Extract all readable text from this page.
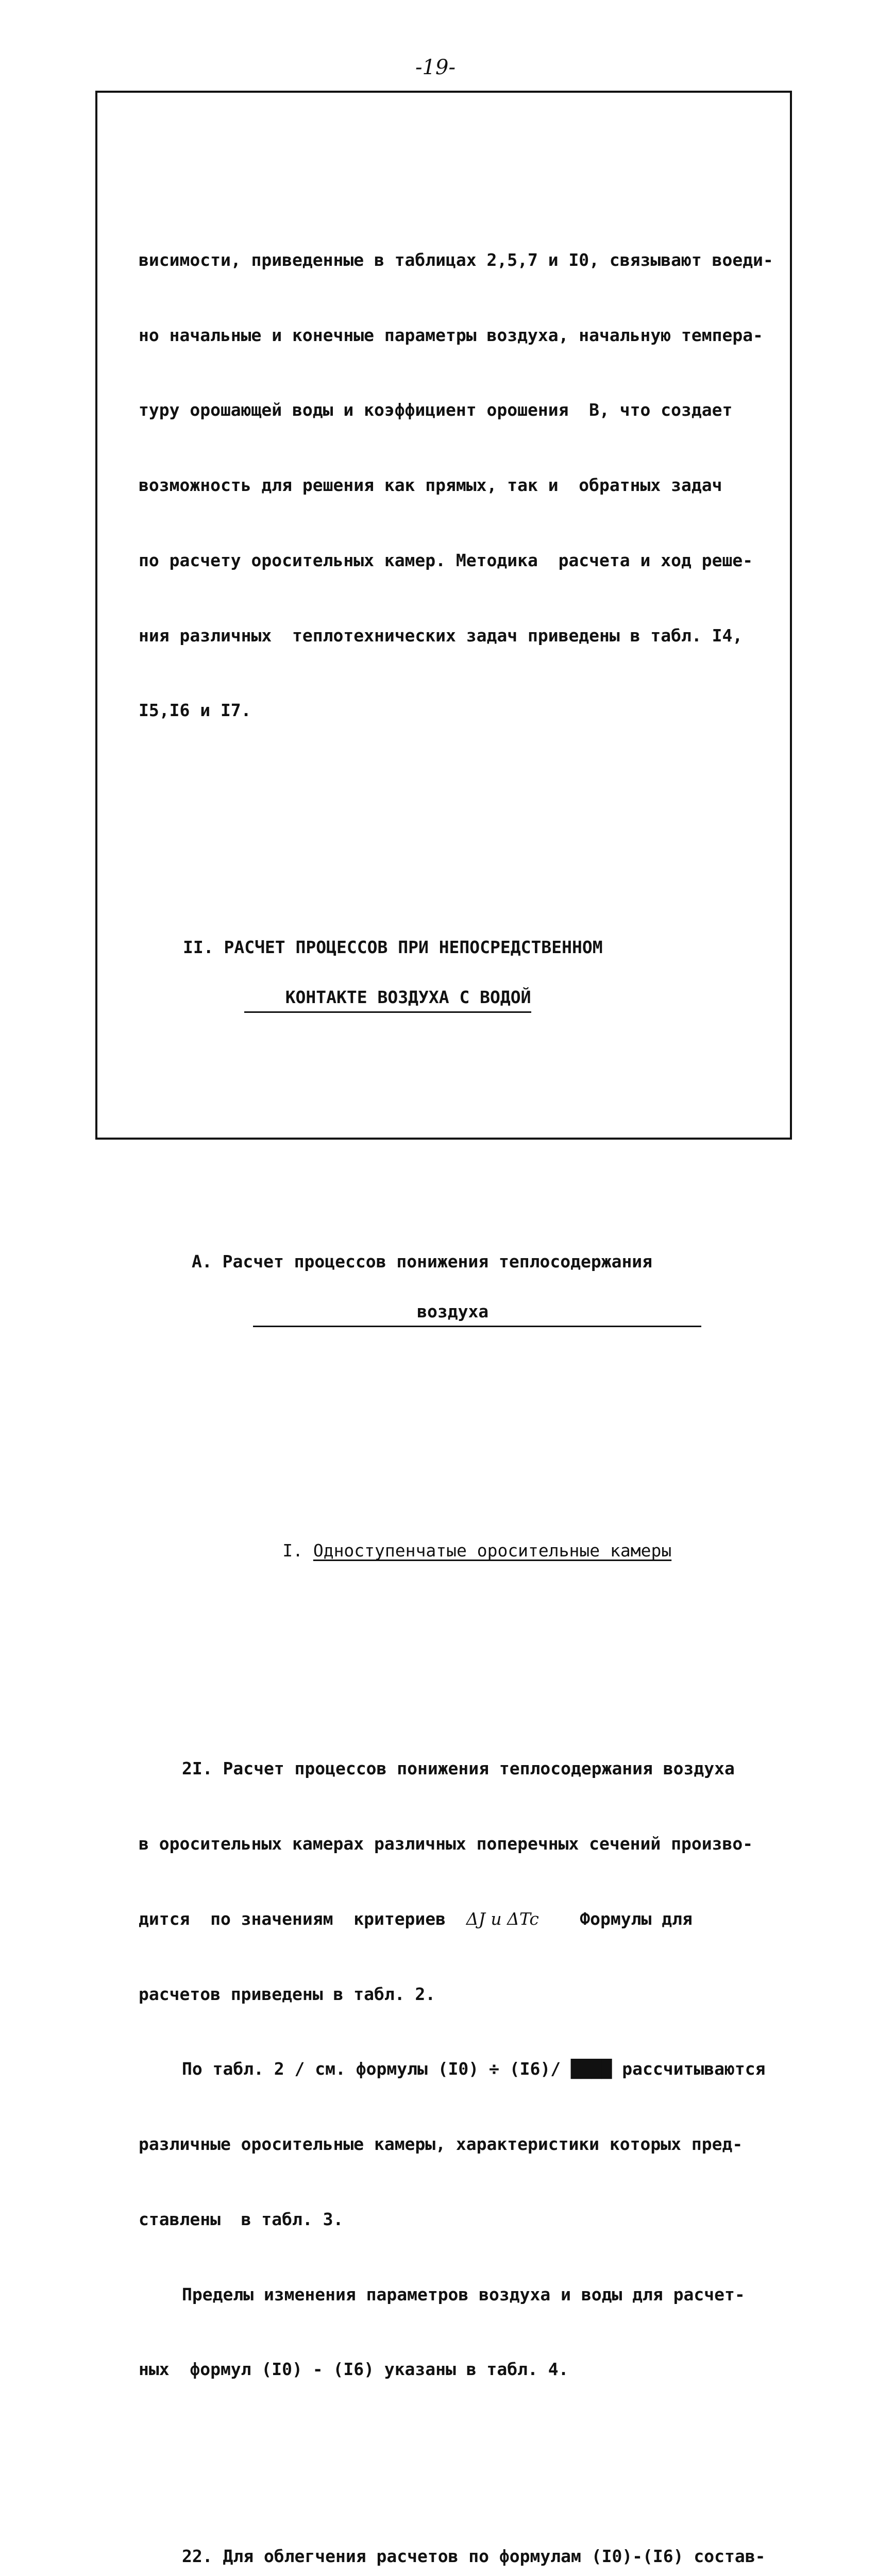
-19-

висимости, приведенные в таблицах 2,5,7 и I0, связывают воеди-

но начальные и конечные параметры воздуха, начальную темпера-

туру орошающей воды и коэффициент орошения  В, что создает

возможность для решения как прямых, так и  обратных задач

по расчету оросительных камер. Методика  расчета и ход реше-

ния различных  теплотехнических задач приведены в табл. I4,

I5,I6 и I7.

II. РАСЧЕТ ПРОЦЕССОВ ПРИ НЕПОСРЕДСТВЕННОМ

КОНТАКТЕ ВОЗДУХА С ВОДОЙ

А. Расчет процессов понижения теплосодержания

воздуха

I. Одноступенчатые оросительные камеры

2I. Расчет процессов понижения теплосодержания воздуха

в оросительных камерах различных поперечных сечений произво-

дится  по значениям  критериев  ΔJ и ΔTc    Формулы для

расчетов приведены в табл. 2.

По табл. 2 / см. формулы (I0) ÷ (I6)/ ████ рассчитываются

различные оросительные камеры, характеристики которых пред-

ставлены  в табл. 3.

Пределы изменения параметров воздуха и воды для расчет-

ных  формул (I0) - (I6) указаны в табл. 4.

22. Для облегчения расчетов по формулам (I0)-(I6) состав-
